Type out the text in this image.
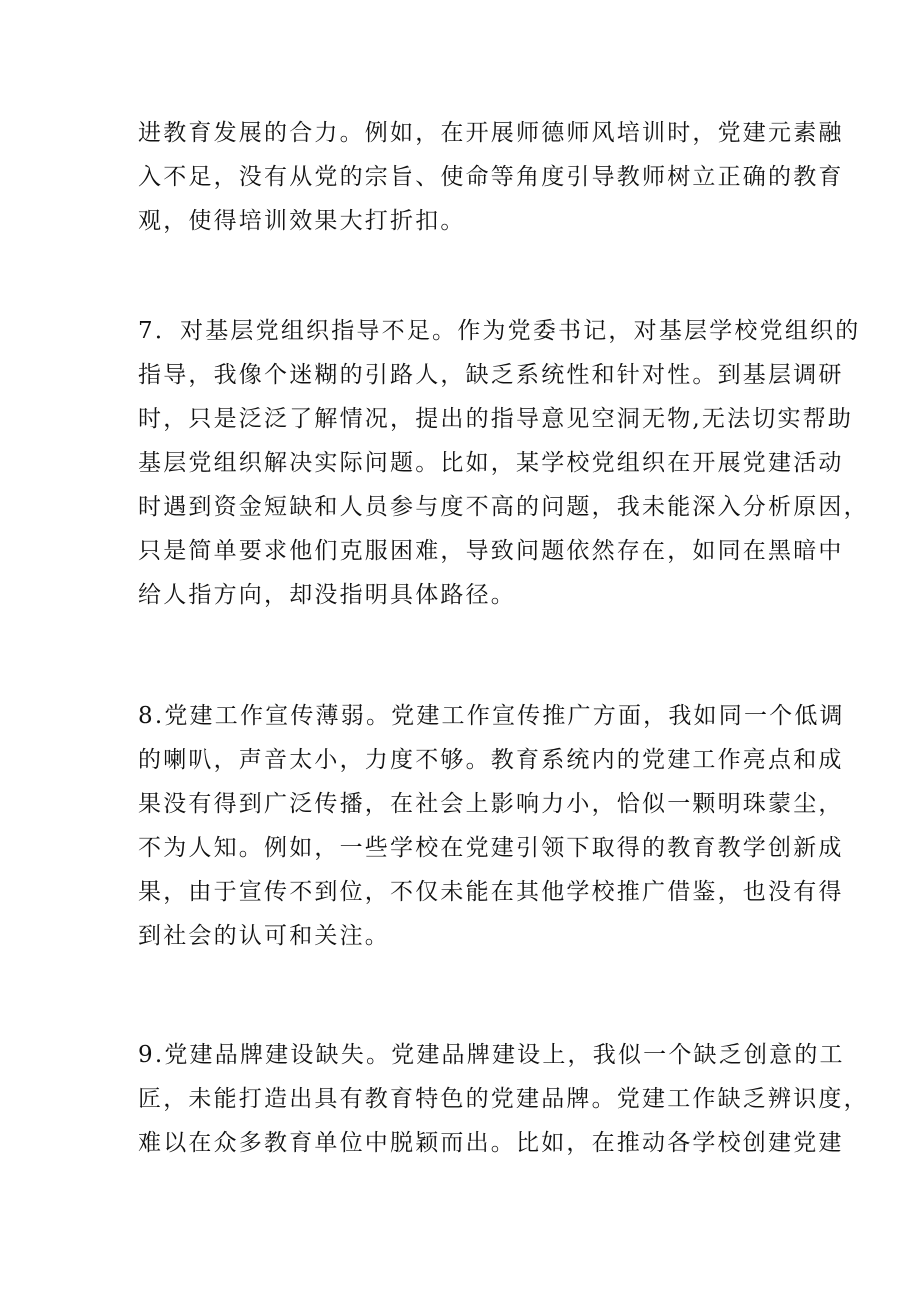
进教育发展的合力。例如，在开展师德师风培训时，党建元素融
入不足，没有从党的宗旨、使命等角度引导教师树立正确的教育
观，使得培训效果大打折扣。
7．对基层党组织指导不足。作为党委书记，对基层学校党组织的
指导，我像个迷糊的引路人，缺乏系统性和针对性。到基层调研
时，只是泛泛了解情况，提出的指导意见空洞无物,无法切实帮助
基层党组织解决实际问题。比如，某学校党组织在开展党建活动
时遇到资金短缺和人员参与度不高的问题，我未能深入分析原因，
只是简单要求他们克服困难，导致问题依然存在，如同在黑暗中
给人指方向，却没指明具体路径。
8.党建工作宣传薄弱。党建工作宣传推广方面，我如同一个低调
的喇叭，声音太小，力度不够。教育系统内的党建工作亮点和成
果没有得到广泛传播，在社会上影响力小，恰似一颗明珠蒙尘，
不为人知。例如，一些学校在党建引领下取得的教育教学创新成
果，由于宣传不到位，不仅未能在其他学校推广借鉴，也没有得
到社会的认可和关注。
9.党建品牌建设缺失。党建品牌建设上，我似一个缺乏创意的工
匠，未能打造出具有教育特色的党建品牌。党建工作缺乏辨识度，
难以在众多教育单位中脱颖而出。比如，在推动各学校创建党建
